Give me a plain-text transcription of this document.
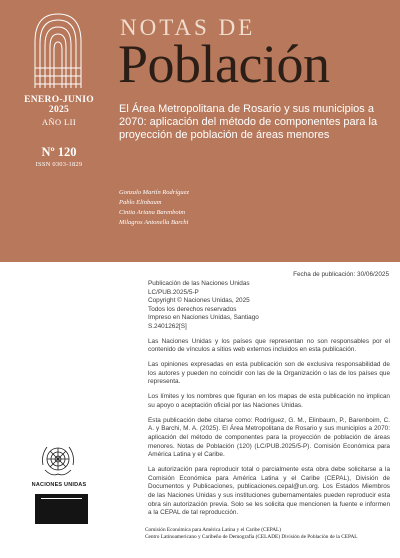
ENERO-JUNIO
2025
AÑO LII
Nº 120
ISSN 0303-1829
NOTAS DE
Población
El Área Metropolitana de Rosario y sus municipios a 2070: aplicación del método de componentes para la proyección de población de áreas menores
Gonzalo Martín Rodríguez
Pablo Elinbaum
Cintia Ariana Barenboim
Milagros Antonella Barchi
Fecha de publicación: 30/06/2025
Publicación de las Naciones Unidas
LC/PUB.2025/5-P
Copyright © Naciones Unidas, 2025
Todos los derechos reservados
Impreso en Naciones Unidas, Santiago
S.2401262[S]

Las Naciones Unidas y los países que representan no son responsables por el contenido de vínculos a sitios web externos incluidos en esta publicación.

Las opiniones expresadas en esta publicación son de exclusiva responsabilidad de los autores y pueden no coincidir con las de la Organización o las de los países que representa.

Los límites y los nombres que figuran en los mapas de esta publicación no implican su apoyo o aceptación oficial por las Naciones Unidas.

Esta publicación debe citarse como: Rodríguez, G. M., Elinbaum, P., Barenboim, C. A. y Barchi, M. A. (2025). El Área Metropolitana de Rosario y sus municipios a 2070: aplicación del método de componentes para la proyección de población de áreas menores. Notas de Población (120) (LC/PUB.2025/5-P). Comisión Económica para América Latina y el Caribe.

La autorización para reproducir total o parcialmente esta obra debe solicitarse a la Comisión Económica para América Latina y el Caribe (CEPAL), División de Documentos y Publicaciones, publicaciones.cepal@un.org. Los Estados Miembros de las Naciones Unidas y sus instituciones gubernamentales pueden reproducir esta obra sin autorización previa. Solo se les solicita que mencionen la fuente e informen a la CEPAL de tal reproducción.

NACIONES UNIDAS
Comisión Económica para América Latina y el Caribe (CEPAL)
Centro Latinoamericano y Caribeño de Demografía (CELADE) División de Población de la CEPAL
